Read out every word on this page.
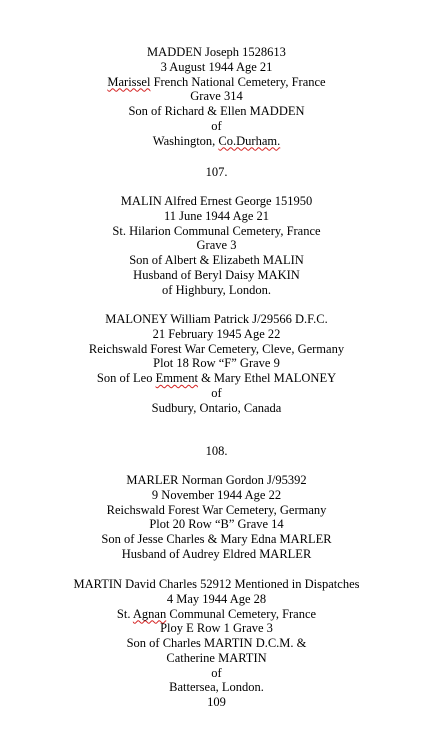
MADDEN Joseph 1528613
3 August 1944 Age 21
Marissel French National Cemetery, France
Grave 314
Son of Richard & Ellen MADDEN
of
Washington, Co.Durham.
107.
MALIN Alfred Ernest George 151950
11 June 1944 Age 21
St. Hilarion Communal Cemetery, France
Grave 3
Son of Albert & Elizabeth MALIN
Husband of Beryl Daisy MAKIN
of Highbury, London.
MALONEY William Patrick J/29566 D.F.C.
21 February 1945 Age 22
Reichswald Forest War Cemetery, Cleve, Germany
Plot 18 Row “F” Grave 9
Son of Leo Emment & Mary Ethel MALONEY
of
Sudbury, Ontario, Canada
108.
MARLER Norman Gordon J/95392
9 November 1944 Age 22
Reichswald Forest War Cemetery, Germany
Plot 20 Row “B” Grave 14
Son of Jesse Charles & Mary Edna MARLER
Husband of Audrey Eldred MARLER
MARTIN David Charles 52912 Mentioned in Dispatches
4 May 1944 Age 28
St. Agnan Communal Cemetery, France
Ploy E Row 1 Grave 3
Son of Charles MARTIN D.C.M. &
Catherine MARTIN
of
Battersea, London.
109
